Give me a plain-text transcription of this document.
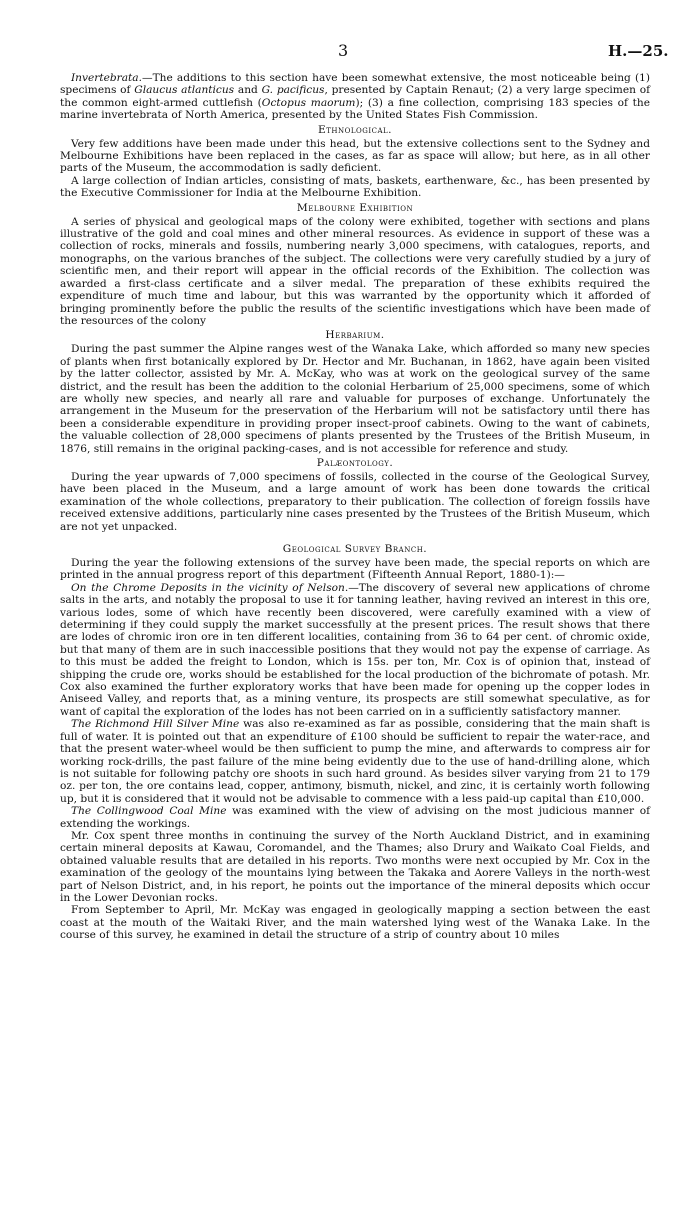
3	H.—25.

Invertebrata.—The additions to this section have been somewhat extensive, the most noticeable being (1) specimens of Glaucus atlanticus and G. pacificus, presented by Captain Renaut; (2) a very large specimen of the common eight-armed cuttlefish (Octopus maorum); (3) a fine collection, comprising 183 species of the marine invertebrata of North America, presented by the United States Fish Commission.

Ethnological.

Very few additions have been made under this head, but the extensive collections sent to the Sydney and Melbourne Exhibitions have been replaced in the cases, as far as space will allow; but here, as in all other parts of the Museum, the accommodation is sadly deficient.

A large collection of Indian articles, consisting of mats, baskets, earthenware, &c., has been presented by the Executive Commissioner for India at the Melbourne Exhibition.

Melbourne Exhibition

A series of physical and geological maps of the colony were exhibited, together with sections and plans illustrative of the gold and coal mines and other mineral resources. As evidence in support of these was a collection of rocks, minerals and fossils, numbering nearly 3,000 specimens, with catalogues, reports, and monographs, on the various branches of the subject. The collections were very carefully studied by a jury of scientific men, and their report will appear in the official records of the Exhibition. The collection was awarded a first-class certificate and a silver medal. The preparation of these exhibits required the expenditure of much time and labour, but this was warranted by the opportunity which it afforded of bringing prominently before the public the results of the scientific investigations which have been made of the resources of the colony

Herbarium.

During the past summer the Alpine ranges west of the Wanaka Lake, which afforded so many new species of plants when first botanically explored by Dr. Hector and Mr. Buchanan, in 1862, have again been visited by the latter collector, assisted by Mr. A. McKay, who was at work on the geological survey of the same district, and the result has been the addition to the colonial Herbarium of 25,000 specimens, some of which are wholly new species, and nearly all rare and valuable for purposes of exchange. Unfortunately the arrangement in the Museum for the preservation of the Herbarium will not be satisfactory until there has been a considerable expenditure in providing proper insect-proof cabinets. Owing to the want of cabinets, the valuable collection of 28,000 specimens of plants presented by the Trustees of the British Museum, in 1876, still remains in the original packing-cases, and is not accessible for reference and study.

Palæontology.

During the year upwards of 7,000 specimens of fossils, collected in the course of the Geological Survey, have been placed in the Museum, and a large amount of work has been done towards the critical examination of the whole collections, preparatory to their publication. The collection of foreign fossils have received extensive additions, particularly nine cases presented by the Trustees of the British Museum, which are not yet unpacked.

Geological Survey Branch.

During the year the following extensions of the survey have been made, the special reports on which are printed in the annual progress report of this department (Fifteenth Annual Report, 1880-1):—

On the Chrome Deposits in the vicinity of Nelson.—The discovery of several new applications of chrome salts in the arts, and notably the proposal to use it for tanning leather, having revived an interest in this ore, various lodes, some of which have recently been discovered, were carefully examined with a view of determining if they could supply the market successfully at the present prices. The result shows that there are lodes of chromic iron ore in ten different localities, containing from 36 to 64 per cent. of chromic oxide, but that many of them are in such inaccessible positions that they would not pay the expense of carriage. As to this must be added the freight to London, which is 15s. per ton, Mr. Cox is of opinion that, instead of shipping the crude ore, works should be established for the local production of the bichromate of potash. Mr. Cox also examined the further exploratory works that have been made for opening up the copper lodes in Aniseed Valley, and reports that, as a mining venture, its prospects are still somewhat speculative, as for want of capital the exploration of the lodes has not been carried on in a sufficiently satisfactory manner.

The Richmond Hill Silver Mine was also re-examined as far as possible, considering that the main shaft is full of water. It is pointed out that an expenditure of £100 should be sufficient to repair the water-race, and that the present water-wheel would be then sufficient to pump the mine, and afterwards to compress air for working rock-drills, the past failure of the mine being evidently due to the use of hand-drilling alone, which is not suitable for following patchy ore shoots in such hard ground. As besides silver varying from 21 to 179 oz. per ton, the ore contains lead, copper, antimony, bismuth, nickel, and zinc, it is certainly worth following up, but it is considered that it would not be advisable to commence with a less paid-up capital than £10,000.

The Collingwood Coal Mine was examined with the view of advising on the most judicious manner of extending the workings.

Mr. Cox spent three months in continuing the survey of the North Auckland District, and in examining certain mineral deposits at Kawau, Coromandel, and the Thames; also Drury and Waikato Coal Fields, and obtained valuable results that are detailed in his reports. Two months were next occupied by Mr. Cox in the examination of the geology of the mountains lying between the Takaka and Aorere Valleys in the north-west part of Nelson District, and, in his report, he points out the importance of the mineral deposits which occur in the Lower Devonian rocks.

From September to April, Mr. McKay was engaged in geologically mapping a section between the east coast at the mouth of the Waitaki River, and the main watershed lying west of the Wanaka Lake. In the course of this survey, he examined in detail the structure of a strip of country about 10 miles
